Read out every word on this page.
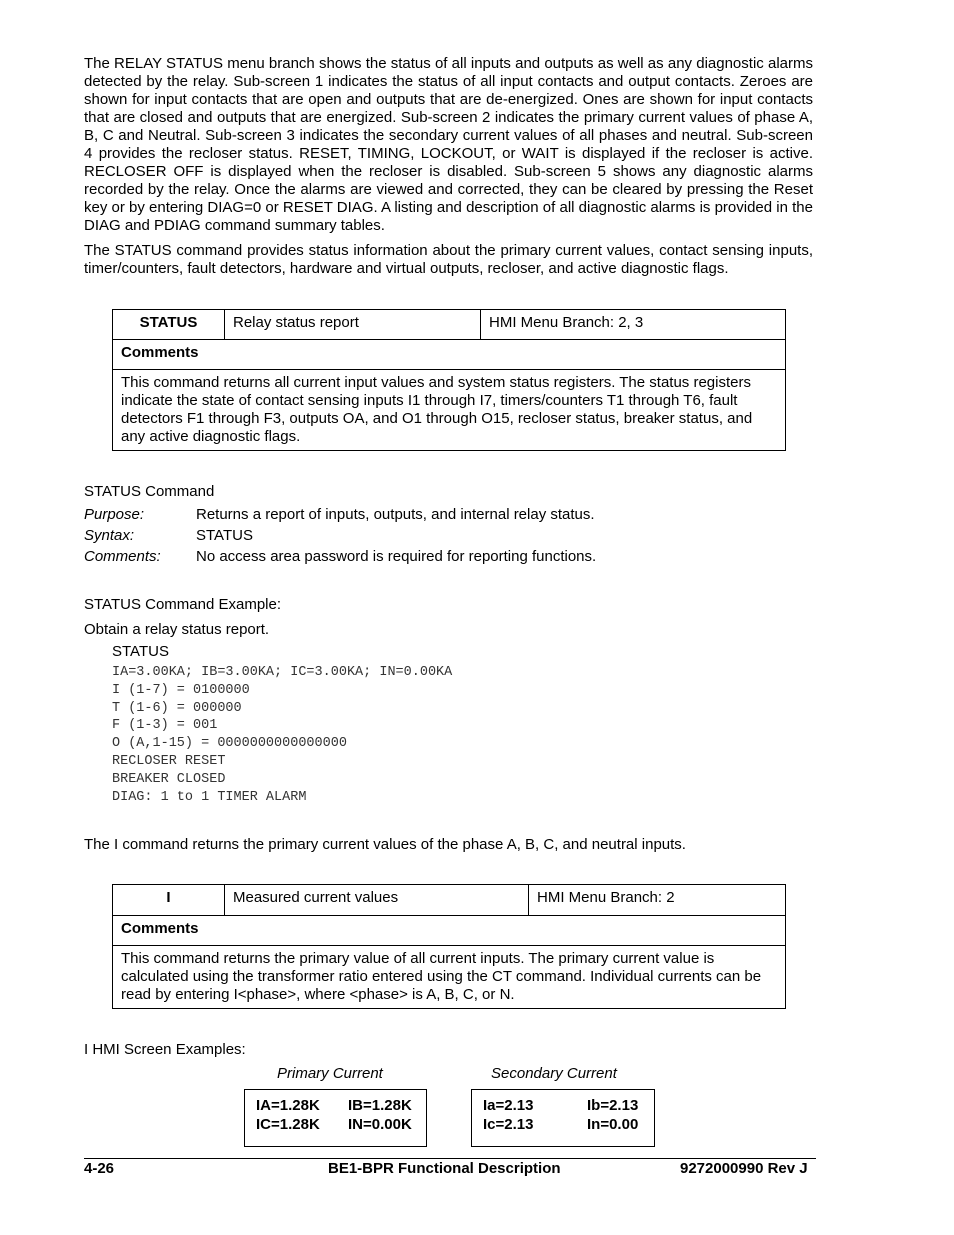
The RELAY STATUS menu branch shows the status of all inputs and outputs as well as any diagnostic alarms detected by the relay. Sub-screen 1 indicates the status of all input contacts and output contacts. Zeroes are shown for input contacts that are open and outputs that are de-energized. Ones are shown for input contacts that are closed and outputs that are energized. Sub-screen 2 indicates the primary current values of phase A, B, C and Neutral. Sub-screen 3 indicates the secondary current values of all phases and neutral. Sub-screen 4 provides the recloser status. RESET, TIMING, LOCKOUT, or WAIT is displayed if the recloser is active. RECLOSER OFF is displayed when the recloser is disabled. Sub-screen 5 shows any diagnostic alarms recorded by the relay. Once the alarms are viewed and corrected, they can be cleared by pressing the Reset key or by entering DIAG=0 or RESET DIAG. A listing and description of all diagnostic alarms is provided in the DIAG and PDIAG command summary tables.

The STATUS command provides status information about the primary current values, contact sensing inputs, timer/counters, fault detectors, hardware and virtual outputs, recloser, and active diagnostic flags.

STATUS	Relay status report	HMI Menu Branch: 2, 3
Comments
This command returns all current input values and system status registers. The status registers indicate the state of contact sensing inputs I1 through I7, timers/counters T1 through T6, fault detectors F1 through F3, outputs OA, and O1 through O15, recloser status, breaker status, and any active diagnostic flags.

STATUS Command

Purpose:	Returns a report of inputs, outputs, and internal relay status.

Syntax:	STATUS

Comments: No access area password is required for reporting functions.

STATUS Command Example:

Obtain a relay status report.

STATUS

IA=3.00KA; IB=3.00KA; IC=3.00KA; IN=0.00KA
I (1-7) = 0100000
T (1-6) = 000000
F (1-3) = 001
O (A,1-15) = 0000000000000000
RECLOSER RESET
BREAKER CLOSED
DIAG: 1 to 1 TIMER ALARM

The I command returns the primary current values of the phase A, B, C, and neutral inputs.

I	Measured current values	HMI Menu Branch: 2
Comments
This command returns the primary value of all current inputs. The primary current value is calculated using the transformer ratio entered using the CT command. Individual currents can be read by entering I<phase>, where <phase> is A, B, C, or N.

I HMI Screen Examples:

Primary Current	Secondary Current

IA=1.28K IB=1.28K
IC=1.28K IN=0.00K
Ia=2.13	Ib=2.13
Ic=2.13	In=0.00
4-26	BE1-BPR Functional Description	9272000990 Rev J
